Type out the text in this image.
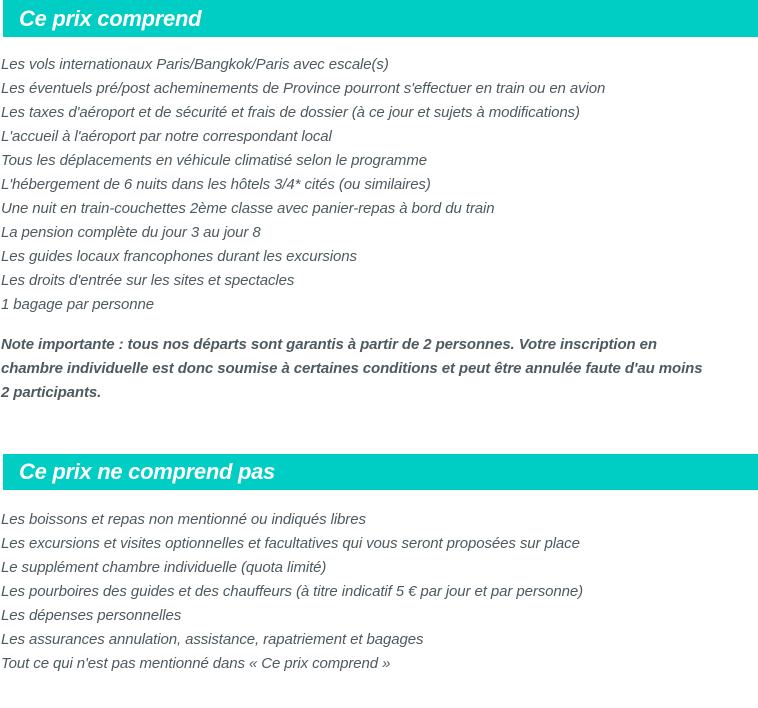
Ce prix comprend
Les vols internationaux Paris/Bangkok/Paris avec escale(s)
Les éventuels pré/post acheminements de Province pourront s'effectuer en train ou en avion
Les taxes d'aéroport et de sécurité et frais de dossier (à ce jour et sujets à modifications)
L'accueil à l'aéroport par notre correspondant local
Tous les déplacements en véhicule climatisé selon le programme
L'hébergement de 6 nuits dans les hôtels 3/4* cités (ou similaires)
Une nuit en train-couchettes 2ème classe avec panier-repas à bord du train
La pension complète du jour 3 au jour 8
Les guides locaux francophones durant les excursions
Les droits d'entrée sur les sites et spectacles
1 bagage par personne

Note importante : tous nos départs sont garantis à partir de 2 personnes. Votre inscription en chambre individuelle est donc soumise à certaines conditions et peut être annulée faute d'au moins 2 participants.

Ce prix ne comprend pas
Les boissons et repas non mentionné ou indiqués libres
Les excursions et visites optionnelles et facultatives qui vous seront proposées sur place
Le supplément chambre individuelle (quota limité)
Les pourboires des guides et des chauffeurs (à titre indicatif 5 € par jour et par personne)
Les dépenses personnelles
Les assurances annulation, assistance, rapatriement et bagages
Tout ce qui n'est pas mentionné dans « Ce prix comprend »
